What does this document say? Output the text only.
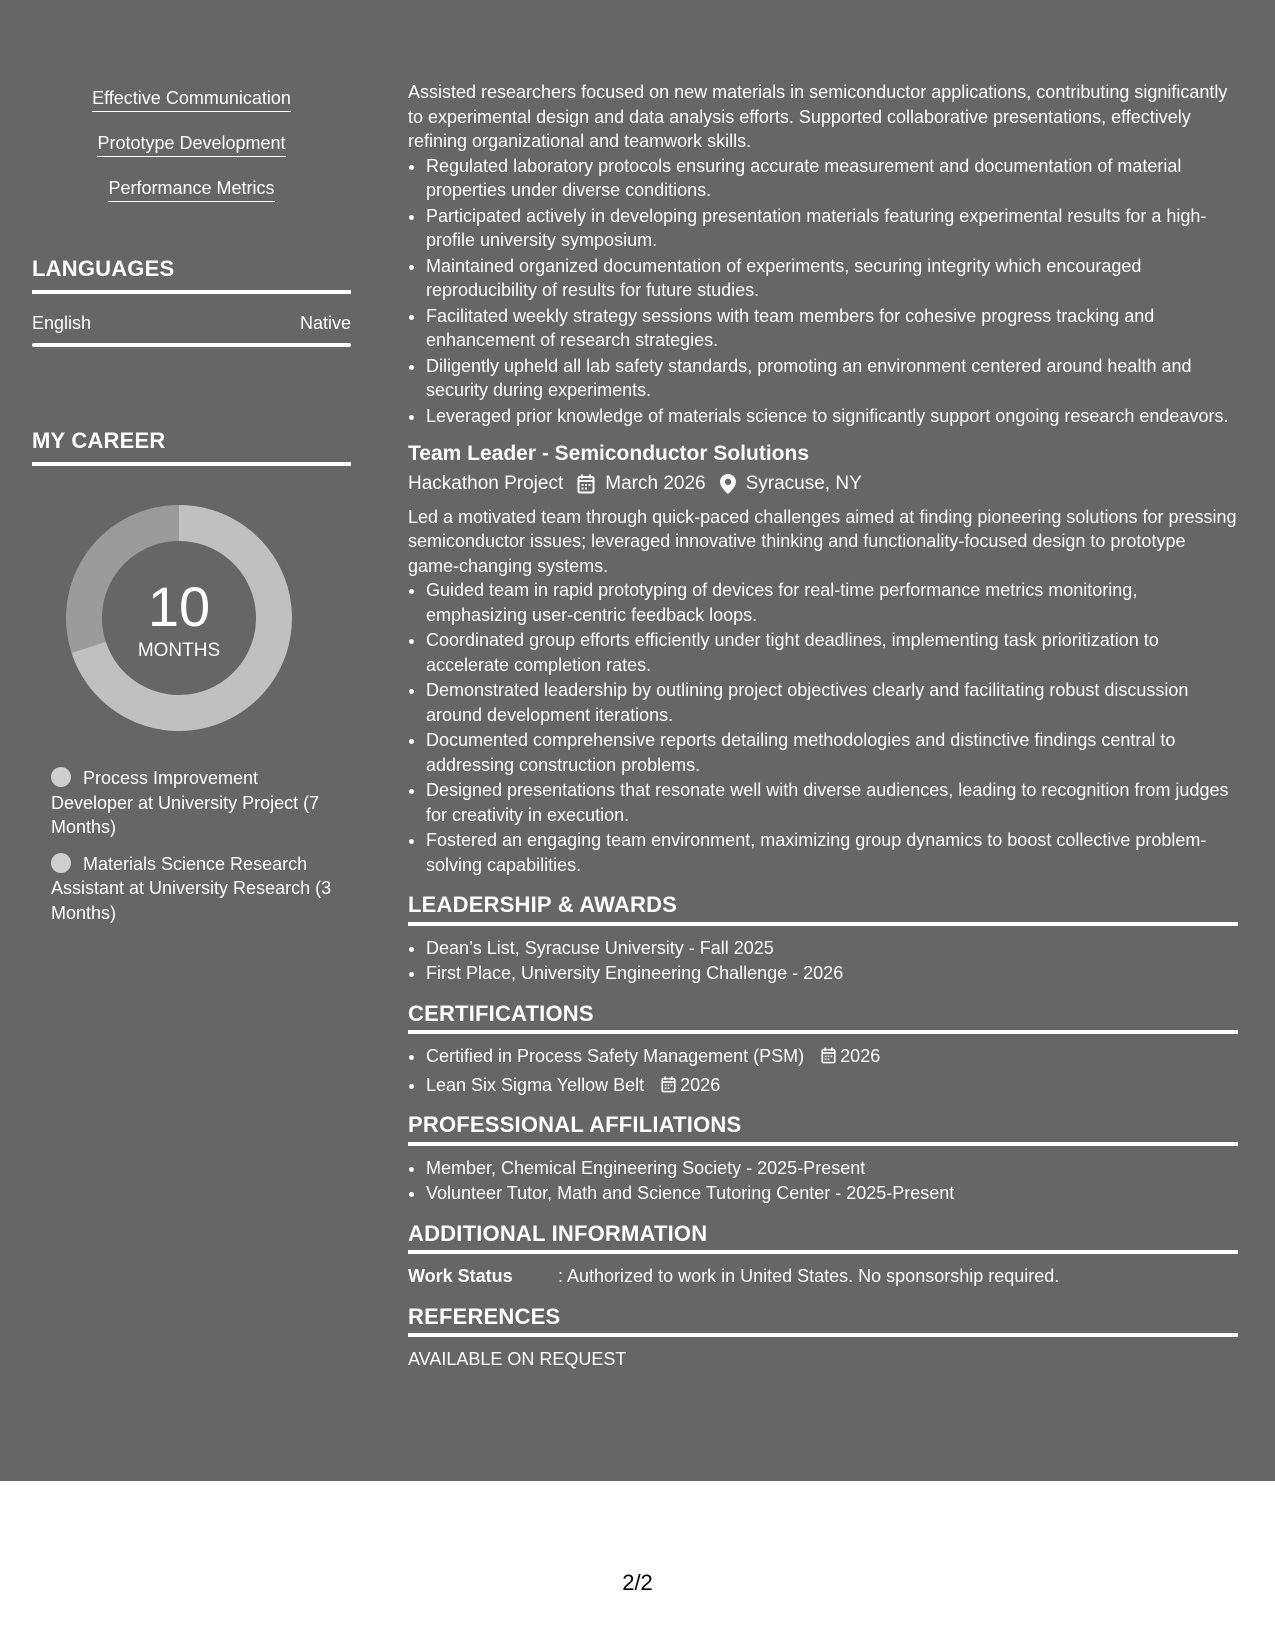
Effective Communication
Prototype Development
Performance Metrics
LANGUAGES
English	Native
MY CAREER
10
MONTHS
Process Improvement Developer at University Project (7 Months)
Materials Science Research Assistant at University Research (3 Months)

Assisted researchers focused on new materials in semiconductor applications, contributing significantly to experimental design and data analysis efforts. Supported collaborative presentations, effectively refining organizational and teamwork skills.

• Regulated laboratory protocols ensuring accurate measurement and documentation of material properties under diverse conditions.
• Participated actively in developing presentation materials featuring experimental results for a high-profile university symposium.
• Maintained organized documentation of experiments, securing integrity which encouraged reproducibility of results for future studies.
• Facilitated weekly strategy sessions with team members for cohesive progress tracking and enhancement of research strategies.
• Diligently upheld all lab safety standards, promoting an environment centered around health and security during experiments.
• Leveraged prior knowledge of materials science to significantly support ongoing research endeavors.
Team Leader - Semiconductor Solutions
Hackathon Project March 2026 Syracuse, NY

Led a motivated team through quick-paced challenges aimed at finding pioneering solutions for pressing semiconductor issues; leveraged innovative thinking and functionality-focused design to prototype game-changing systems.

• Guided team in rapid prototyping of devices for real-time performance metrics monitoring, emphasizing user-centric feedback loops.
• Coordinated group efforts efficiently under tight deadlines, implementing task prioritization to accelerate completion rates.
• Demonstrated leadership by outlining project objectives clearly and facilitating robust discussion around development iterations.
• Documented comprehensive reports detailing methodologies and distinctive findings central to addressing construction problems.
• Designed presentations that resonate well with diverse audiences, leading to recognition from judges for creativity in execution.
• Fostered an engaging team environment, maximizing group dynamics to boost collective problem-solving capabilities.
LEADERSHIP & AWARDS
• Dean’s List, Syracuse University - Fall 2025
• First Place, University Engineering Challenge - 2026
CERTIFICATIONS
• Certified in Process Safety Management (PSM) 2026
• Lean Six Sigma Yellow Belt 2026
PROFESSIONAL AFFILIATIONS
• Member, Chemical Engineering Society - 2025-Present
• Volunteer Tutor, Math and Science Tutoring Center - 2025-Present
ADDITIONAL INFORMATION
Work Status	: Authorized to work in United States. No sponsorship required.
REFERENCES
AVAILABLE ON REQUEST
2/2
